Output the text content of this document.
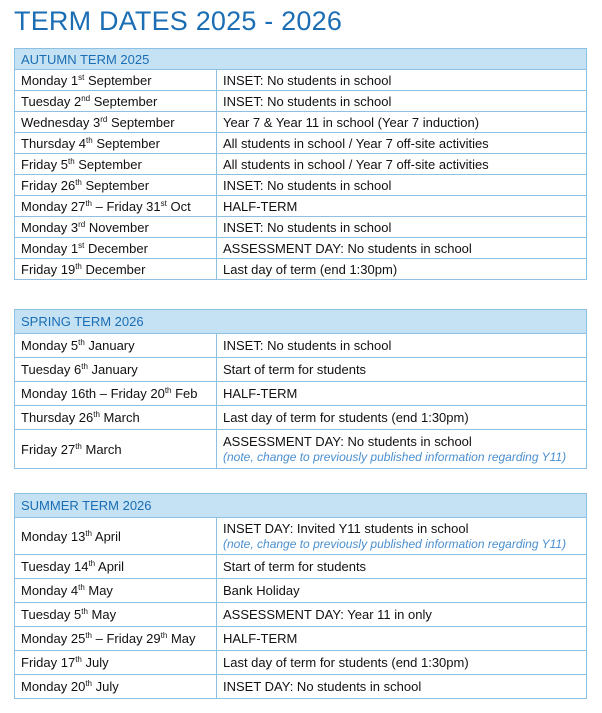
TERM DATES 2025 - 2026
AUTUMN TERM 2025	
Monday 1st September	INSET: No students in school
Tuesday 2nd September	INSET: No students in school
Wednesday 3rd September	Year 7 & Year 11 in school (Year 7 induction)
Thursday 4th September	All students in school / Year 7 off-site activities
Friday 5th September	All students in school / Year 7 off-site activities
Friday 26th September	INSET: No students in school
Monday 27th – Friday 31st Oct	HALF-TERM
Monday 3rd November	INSET: No students in school
Monday 1st December	ASSESSMENT DAY: No students in school
Friday 19th December	Last day of term (end 1:30pm)
SPRING TERM 2026	
Monday 5th January	INSET: No students in school
Tuesday 6th January	Start of term for students
Monday 16th – Friday 20th Feb	HALF-TERM
Thursday 26th March	Last day of term for students (end 1:30pm)
Friday 27th March	ASSESSMENT DAY: No students in school
(note, change to previously published information regarding Y11)
SUMMER TERM 2026	
Monday 13th April	INSET DAY: Invited Y11 students in school
(note, change to previously published information regarding Y11)

Tuesday 14th April	Start of term for students
Monday 4th May	Bank Holiday
Tuesday 5th May	ASSESSMENT DAY: Year 11 in only
Monday 25th – Friday 29th May	HALF-TERM
Friday 17th July	Last day of term for students (end 1:30pm)
Monday 20th July	INSET DAY: No students in school
